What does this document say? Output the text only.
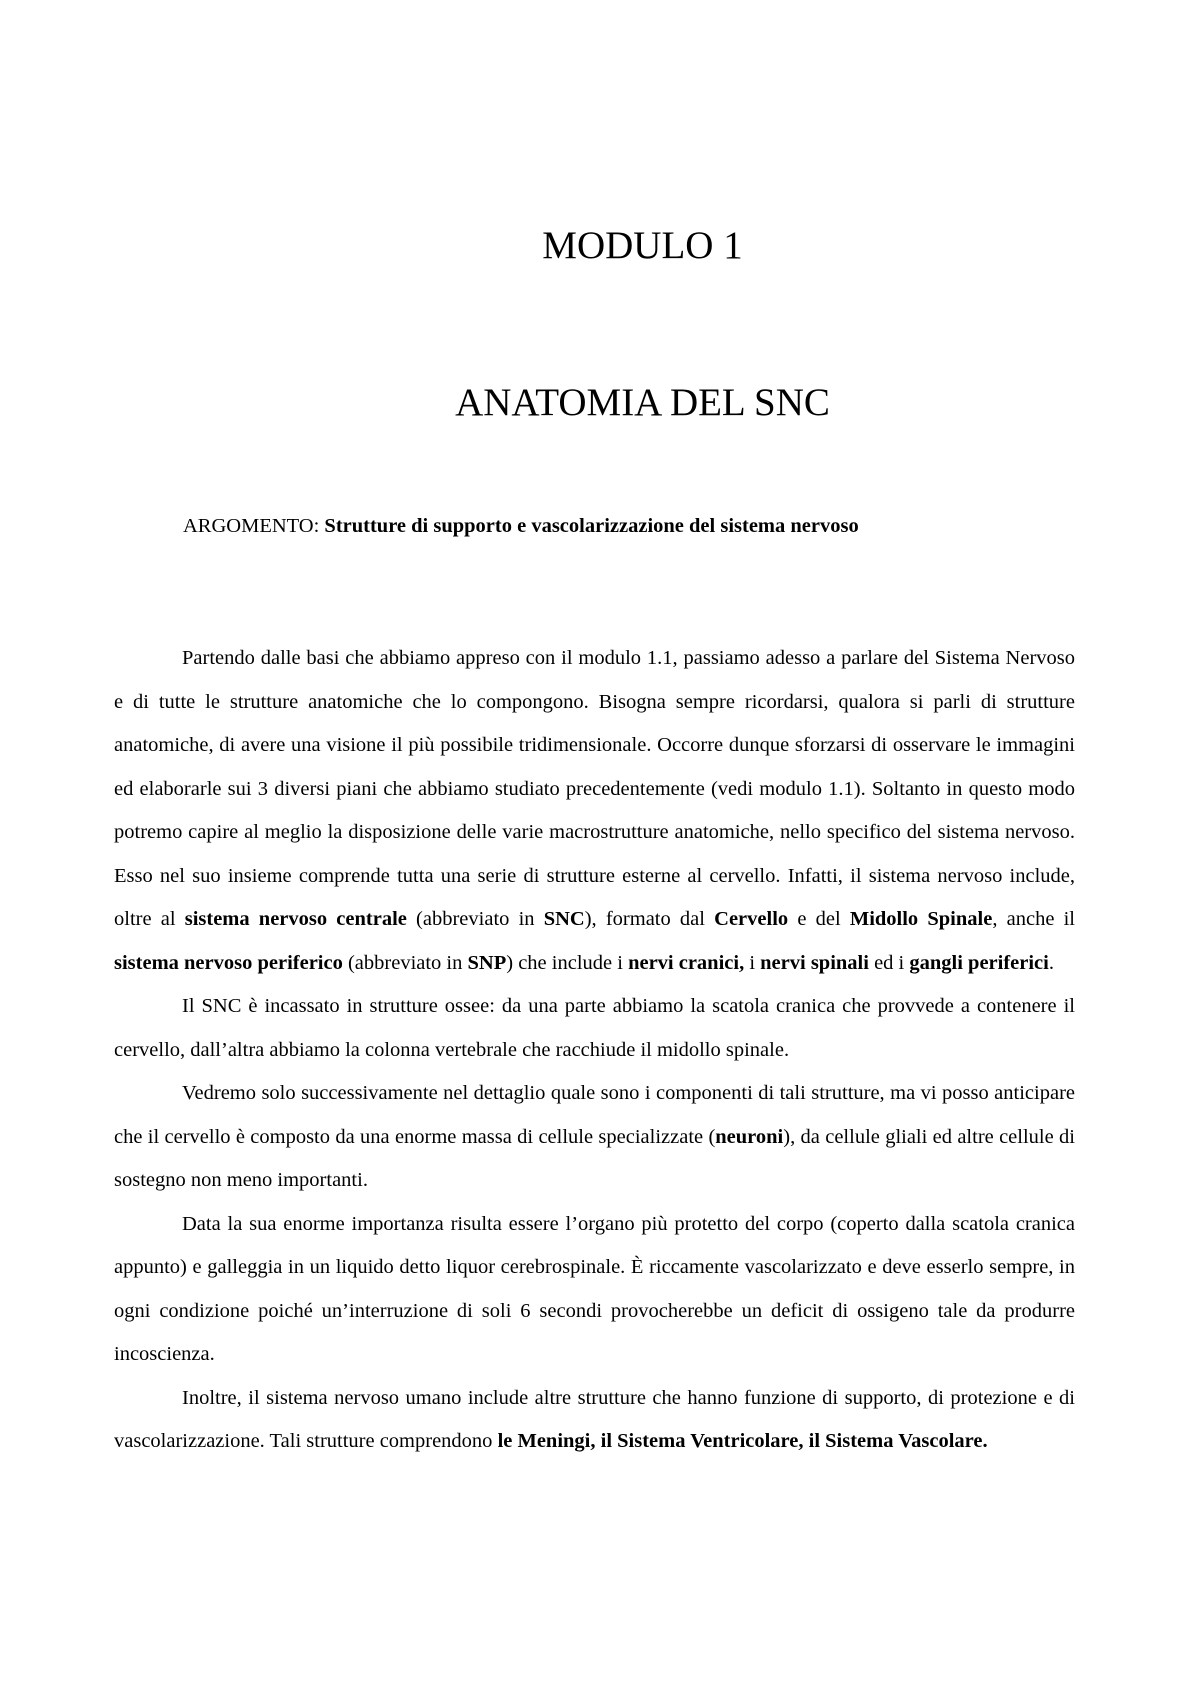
MODULO 1
ANATOMIA DEL SNC

ARGOMENTO: Strutture di supporto e vascolarizzazione del sistema nervoso

Partendo dalle basi che abbiamo appreso con il modulo 1.1, passiamo adesso a parlare del Sistema Nervoso e di tutte le strutture anatomiche che lo compongono. Bisogna sempre ricordarsi, qualora si parli di strutture anatomiche, di avere una visione il più possibile tridimensionale. Occorre dunque sforzarsi di osservare le immagini ed elaborarle sui 3 diversi piani che abbiamo studiato precedentemente (vedi modulo 1.1). Soltanto in questo modo potremo capire al meglio la disposizione delle varie macrostrutture anatomiche, nello specifico del sistema nervoso. Esso nel suo insieme comprende tutta una serie di strutture esterne al cervello. Infatti, il sistema nervoso include, oltre al sistema nervoso centrale (abbreviato in SNC), formato dal Cervello e del Midollo Spinale, anche il sistema nervoso periferico (abbreviato in SNP) che include i nervi cranici, i nervi spinali ed i gangli periferici.

Il SNC è incassato in strutture ossee: da una parte abbiamo la scatola cranica che provvede a contenere il cervello, dall’altra abbiamo la colonna vertebrale che racchiude il midollo spinale.

Vedremo solo successivamente nel dettaglio quale sono i componenti di tali strutture, ma vi posso anticipare che il cervello è composto da una enorme massa di cellule specializzate (neuroni), da cellule gliali ed altre cellule di sostegno non meno importanti.

Data la sua enorme importanza risulta essere l’organo più protetto del corpo (coperto dalla scatola cranica appunto) e galleggia in un liquido detto liquor cerebrospinale. È riccamente vascolarizzato e deve esserlo sempre, in ogni condizione poiché un’interruzione di soli 6 secondi provocherebbe un deficit di ossigeno tale da produrre incoscienza.

Inoltre, il sistema nervoso umano include altre strutture che hanno funzione di supporto, di protezione e di vascolarizzazione. Tali strutture comprendono le Meningi, il Sistema Ventricolare, il Sistema Vascolare.
